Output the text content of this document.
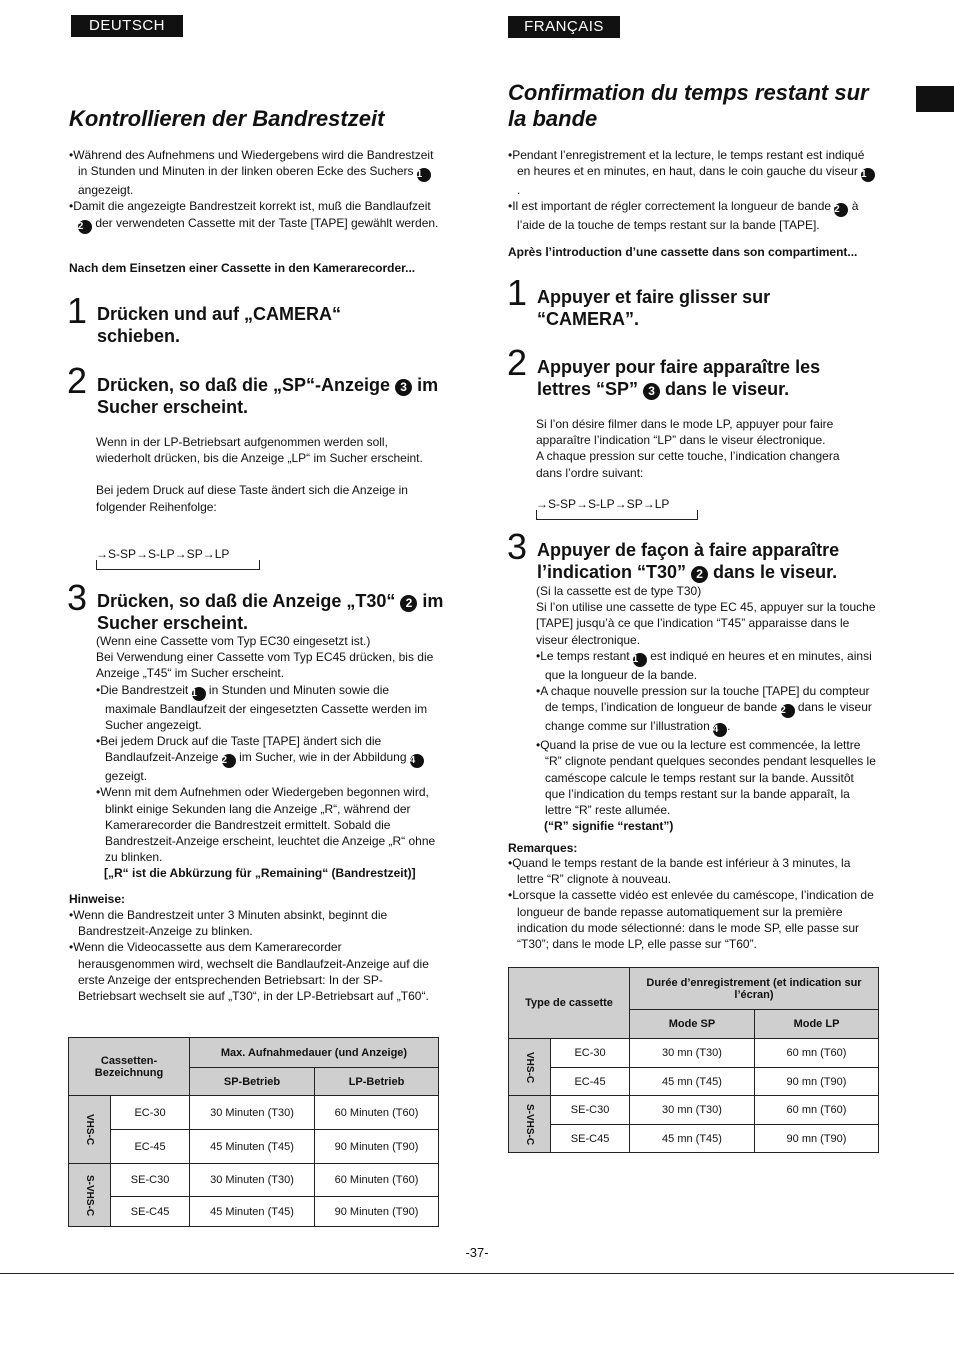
DEUTSCH
Kontrollieren der Bandrestzeit

•Während des Aufnehmens und Wiedergebens wird die Bandrestzeit in Stunden und Minuten in der linken oberen Ecke des Suchers 1 angezeigt.

•Damit die angezeigte Bandrestzeit korrekt ist, muß die Bandlaufzeit 2 der verwendeten Cassette mit der Taste [TAPE] gewählt werden.

Nach dem Einsetzen einer Cassette in den Kamerarecorder...
1 Drücken und auf „CAMERA“ schieben.
2 Drücken, so daß die „SP“-Anzeige 3 im Sucher erscheint.

Wenn in der LP-Betriebsart aufgenommen werden soll, wiederholt drücken, bis die Anzeige „LP“ im Sucher erscheint.

Bei jedem Druck auf diese Taste ändert sich die Anzeige in folgender Reihenfolge:

→S-SP→S-LP→SP→LP
3 Drücken, so daß die Anzeige „T30“ 2 im Sucher erscheint.

(Wenn eine Cassette vom Typ EC30 eingesetzt ist.)

Bei Verwendung einer Cassette vom Typ EC45 drücken, bis die Anzeige „T45“ im Sucher erscheint.

•Die Bandrestzeit 1 in Stunden und Minuten sowie die maximale Bandlaufzeit der eingesetzten Cassette werden im Sucher angezeigt.

•Bei jedem Druck auf die Taste [TAPE] ändert sich die Bandlaufzeit-Anzeige 2 im Sucher, wie in der Abbildung 4 gezeigt.

•Wenn mit dem Aufnehmen oder Wiedergeben begonnen wird, blinkt einige Sekunden lang die Anzeige „R“, während der Kamerarecorder die Bandrestzeit ermittelt. Sobald die Bandrestzeit-Anzeige erscheint, leuchtet die Anzeige „R“ ohne zu blinken.

[„R“ ist die Abkürzung für „Remaining“ (Bandrestzeit)]

Hinweise:

•Wenn die Bandrestzeit unter 3 Minuten absinkt, beginnt die Bandrestzeit-Anzeige zu blinken.

•Wenn die Videocassette aus dem Kamerarecorder herausgenommen wird, wechselt die Bandlaufzeit-Anzeige auf die erste Anzeige der entsprechenden Betriebsart: In der SP-Betriebsart wechselt sie auf „T30“, in der LP-Betriebsart auf „T60“.

Cassetten-Bezeichnung		Max. Aufnahmedauer (und Anzeige)	
		SP-Betrieb	LP-Betrieb
VHS-C	EC-30	30 Minuten (T30)	60 Minuten (T60)
	EC-45	45 Minuten (T45)	90 Minuten (T90)
S-VHS-C	SE-C30	30 Minuten (T30)	60 Minuten (T60)
	SE-C45	45 Minuten (T45)	90 Minuten (T90)
FRANÇAIS
Confirmation du temps restant sur la bande

•Pendant l’enregistrement et la lecture, le temps restant est indiqué en heures et en minutes, en haut, dans le coin gauche du viseur 1.

•Il est important de régler correctement la longueur de bande 2 à l’aide de la touche de temps restant sur la bande [TAPE].

Après l’introduction d’une cassette dans son compartiment...
1 Appuyer et faire glisser sur “CAMERA”.
2 Appuyer pour faire apparaître les lettres “SP” 3 dans le viseur.

Si l’on désire filmer dans le mode LP, appuyer pour faire apparaître l’indication “LP” dans le viseur électronique.

A chaque pression sur cette touche, l’indication changera dans l’ordre suivant:

→S-SP→S-LP→SP→LP
3 Appuyer de façon à faire apparaître l’indication “T30” 2 dans le viseur.

(Si la cassette est de type T30)

Si l’on utilise une cassette de type EC 45, appuyer sur la touche [TAPE] jusqu’à ce que l’indication “T45” apparaisse dans le viseur électronique.

•Le temps restant 1 est indiqué en heures et en minutes, ainsi que la longueur de la bande.

•A chaque nouvelle pression sur la touche [TAPE] du compteur de temps, l’indication de longueur de bande 2 dans le viseur change comme sur l’illustration 4 .

•Quand la prise de vue ou la lecture est commencée, la lettre “R” clignote pendant quelques secondes pendant lesquelles le caméscope calcule le temps restant sur la bande. Aussitôt que l’indication du temps restant sur la bande apparaît, la lettre “R” reste allumée.

(“R” signifie “restant”)

Remarques:

•Quand le temps restant de la bande est inférieur à 3 minutes, la lettre “R” clignote à nouveau.

•Lorsque la cassette vidéo est enlevée du caméscope, l’indication de longueur de bande repasse automatiquement sur la première indication du mode sélectionné: dans le mode SP, elle passe sur “T30”; dans le mode LP, elle passe sur “T60”.

Type de cassette		Durée d’enregistrement (et indication sur l’écran)	
		Mode SP	Mode LP
VHS-C	EC-30	30 mn (T30)	60 mn (T60)
	EC-45	45 mn (T45)	90 mn (T90)
S-VHS-C	SE-C30	30 mn (T30)	60 mn (T60)
	SE-C45	45 mn (T45)	90 mn (T90)
-37-
